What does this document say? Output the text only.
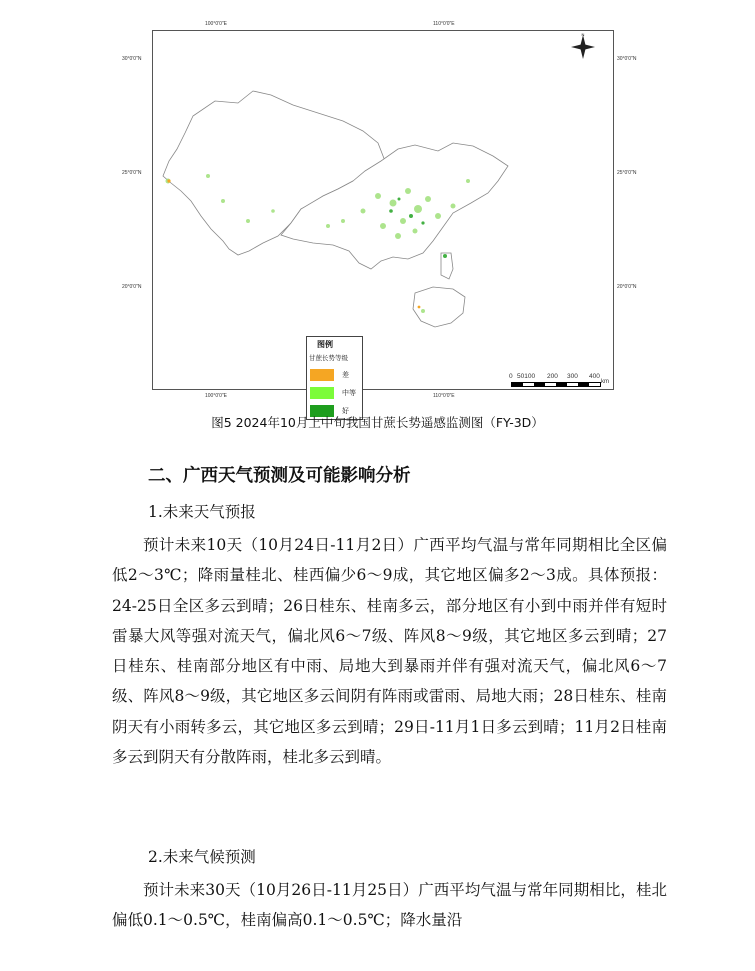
N
图例
甘蔗长势等级
差
中等
好
0 50100 200 300 400
km
100°0'0"E	110°0'0"E
100°0'0"E	110°0'0"E
30°0'0"N
25°0'0"N
20°0'0"N
30°0'0"N
25°0'0"N
20°0'0"N
图5 2024年10月上中旬我国甘蔗长势遥感监测图（FY-3D）
二、广西天气预测及可能影响分析
1.未来天气预报

预计未来10天（10月24日-11月2日）广西平均气温与常年同期相比全区偏低2～3℃；降雨量桂北、桂西偏少6～9成，其它地区偏多2～3成。具体预报：24-25日全区多云到晴；26日桂东、桂南多云，部分地区有小到中雨并伴有短时雷暴大风等强对流天气，偏北风6～7级、阵风8～9级，其它地区多云到晴；27日桂东、桂南部分地区有中雨、局地大到暴雨并伴有强对流天气，偏北风6～7级、阵风8～9级，其它地区多云间阴有阵雨或雷雨、局地大雨；28日桂东、桂南阴天有小雨转多云，其它地区多云到晴；29日-11月1日多云到晴；11月2日桂南多云到阴天有分散阵雨，桂北多云到晴。

2.未来气候预测

预计未来30天（10月26日-11月25日）广西平均气温与常年同期相比，桂北偏低0.1～0.5℃，桂南偏高0.1～0.5℃；降水量沿
